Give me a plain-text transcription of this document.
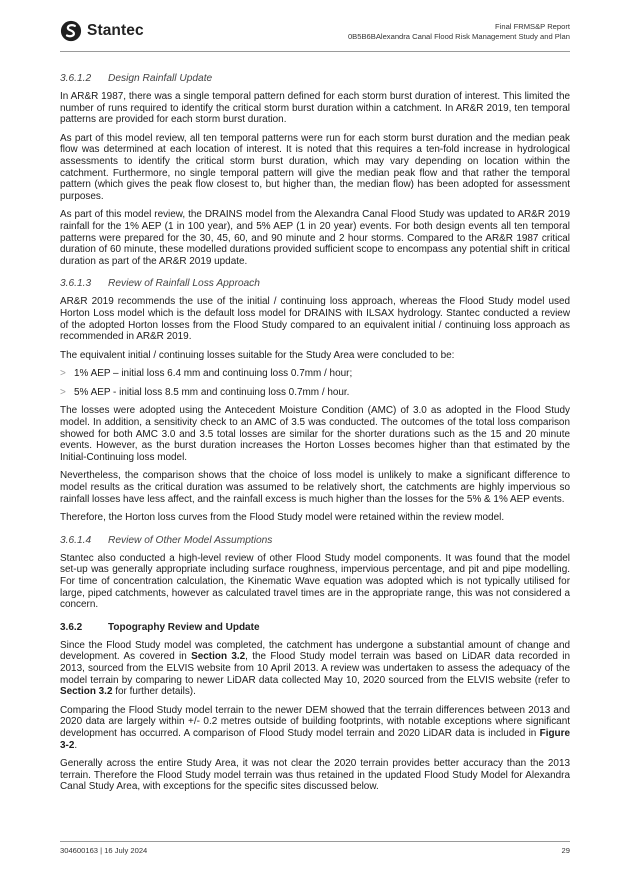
Stantec	Final FRMS&P Report
0B5B6BAlexandra Canal Flood Risk Management Study and Plan
3.6.1.2 Design Rainfall Update

In AR&R 1987, there was a single temporal pattern defined for each storm burst duration of interest. This limited the number of runs required to identify the critical storm burst duration within a catchment. In AR&R 2019, ten temporal patterns are provided for each storm burst duration.

As part of this model review, all ten temporal patterns were run for each storm burst duration and the median peak flow was determined at each location of interest. It is noted that this requires a ten-fold increase in hydrological assessments to identify the critical storm burst duration, which may vary depending on location within the catchment. Furthermore, no single temporal pattern will give the median peak flow and that rather the temporal pattern (which gives the peak flow closest to, but higher than, the median flow) has been adopted for assessment purposes.

As part of this model review, the DRAINS model from the Alexandra Canal Flood Study was updated to AR&R 2019 rainfall for the 1% AEP (1 in 100 year), and 5% AEP (1 in 20 year) events. For both design events all ten temporal patterns were prepared for the 30, 45, 60, and 90 minute and 2 hour storms. Compared to the AR&R 1987 critical duration of 60 minute, these modelled durations provided sufficient scope to encompass any potential shift in critical duration as part of the AR&R 2019 update.

3.6.1.3 Review of Rainfall Loss Approach

AR&R 2019 recommends the use of the initial / continuing loss approach, whereas the Flood Study model used Horton Loss model which is the default loss model for DRAINS with ILSAX hydrology. Stantec conducted a review of the adopted Horton losses from the Flood Study compared to an equivalent initial / continuing loss approach as recommended in AR&R 2019.

The equivalent initial / continuing losses suitable for the Study Area were concluded to be:

> 1% AEP – initial loss 6.4 mm and continuing loss 0.7mm / hour;
> 5% AEP - initial loss 8.5 mm and continuing loss 0.7mm / hour.

The losses were adopted using the Antecedent Moisture Condition (AMC) of 3.0 as adopted in the Flood Study model. In addition, a sensitivity check to an AMC of 3.5 was conducted. The outcomes of the total loss comparison showed for both AMC 3.0 and 3.5 total losses are similar for the shorter durations such as the 15 and 20 minute events. However, as the burst duration increases the Horton Losses becomes higher than that estimated by the Initial-Continuing loss model.

Nevertheless, the comparison shows that the choice of loss model is unlikely to make a significant difference to model results as the critical duration was assumed to be relatively short, the catchments are highly impervious so rainfall losses have less affect, and the rainfall excess is much higher than the losses for the 5% & 1% AEP events.

Therefore, the Horton loss curves from the Flood Study model were retained within the review model.

3.6.1.4 Review of Other Model Assumptions

Stantec also conducted a high-level review of other Flood Study model components. It was found that the model set-up was generally appropriate including surface roughness, impervious percentage, and pit and pipe modelling. For time of concentration calculation, the Kinematic Wave equation was adopted which is not typically utilised for large, piped catchments, however as calculated travel times are in the appropriate range, this was not considered a concern.

3.6.2	Topography Review and Update

Since the Flood Study model was completed, the catchment has undergone a substantial amount of change and development. As covered in Section 3.2, the Flood Study model terrain was based on LiDAR data recorded in 2013, sourced from the ELVIS website from 10 April 2013. A review was undertaken to assess the adequacy of the model terrain by comparing to newer LiDAR data collected May 10, 2020 sourced from the ELVIS website (refer to Section 3.2 for further details).

Comparing the Flood Study model terrain to the newer DEM showed that the terrain differences between 2013 and 2020 data are largely within +/- 0.2 metres outside of building footprints, with notable exceptions where significant development has occurred. A comparison of Flood Study model terrain and 2020 LiDAR data is included in Figure 3-2.

Generally across the entire Study Area, it was not clear the 2020 terrain provides better accuracy than the 2013 terrain. Therefore the Flood Study model terrain was thus retained in the updated Flood Study Model for Alexandra Canal Study Area, with exceptions for the specific sites discussed below.

304600163 | 16 July 2024	29
